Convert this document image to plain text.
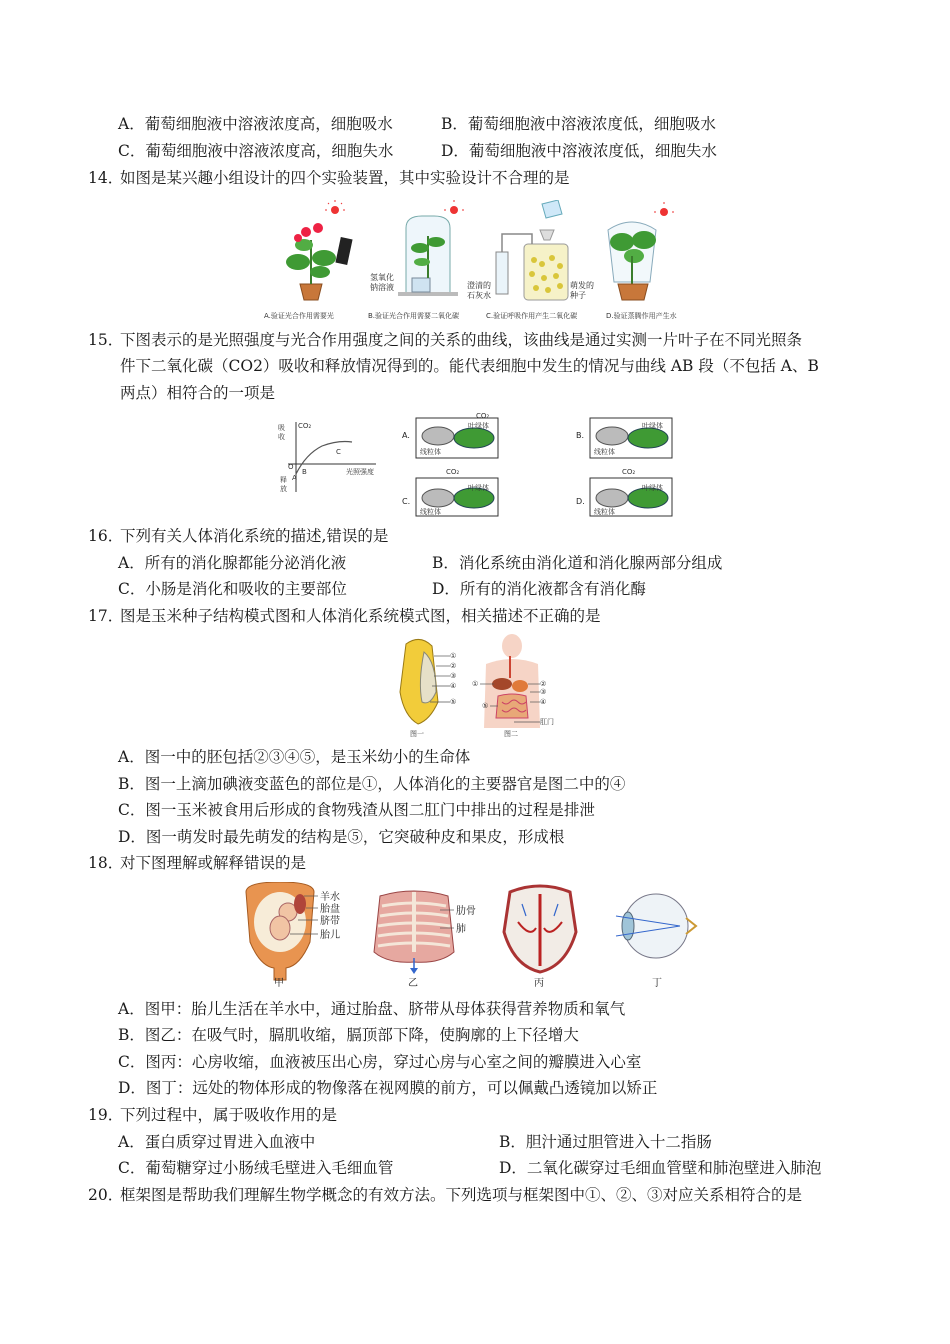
A．葡萄细胞液中溶液浓度高，细胞吸水	B．葡萄细胞液中溶液浓度低，细胞吸水
C．葡萄细胞液中溶液浓度高，细胞失水	D．葡萄细胞液中溶液浓度低，细胞失水
14．
如图是某兴趣小组设计的四个实验装置，其中实验设计不合理的是
氢氧化
钠溶液	澄清的
石灰水
萌发的
种子
A.验证光合作用需要光	B.验证光合作用需要二氧化碳	C.验证呼吸作用产生二氧化碳	D.验证蒸腾作用产生水
15．
下图表示的是光照强度与光合作用强度之间的关系的曲线，该曲线是通过实测一片叶子在不同光照条
件下二氧化碳（CO2）吸收和释放情况得到的。能代表细胞中发生的情况与曲线 AB 段（不包括 A、B
两点）相符合的一项是
吸
收
CO₂
释
放
O
A
B
C
光照强度
A.
叶绿体
线粒体
CO₂
B.
叶绿体
线粒体
C.
叶绿体
线粒体
CO₂
D.
叶绿体
线粒体
CO₂
16．
下列有关人体消化系统的描述,错误的是
A．所有的消化腺都能分泌消化液	B．消化系统由消化道和消化腺两部分组成
C．小肠是消化和吸收的主要部位	D．所有的消化液都含有消化酶
17．
图是玉米种子结构模式图和人体消化系统模式图，相关描述不正确的是
①
②
③
④
⑤
图一
①	②
③
④
⑤
肛门
图二
A．图一中的胚包括②③④⑤，是玉米幼小的生命体
B．图一上滴加碘液变蓝色的部位是①，人体消化的主要器官是图二中的④
C．图一玉米被食用后形成的食物残渣从图二肛门中排出的过程是排泄
D．图一萌发时最先萌发的结构是⑤，它突破种皮和果皮，形成根
18．
对下图理解或解释错误的是
羊水
胎盘
脐带
胎儿
甲
肋骨
肺
乙	丙	丁
A．图甲：胎儿生活在羊水中，通过胎盘、脐带从母体获得营养物质和氧气
B．图乙：在吸气时，膈肌收缩，膈顶部下降，使胸廓的上下径增大
C．图丙：心房收缩，血液被压出心房，穿过心房与心室之间的瓣膜进入心室
D．图丁：远处的物体形成的物像落在视网膜的前方，可以佩戴凸透镜加以矫正
19．
下列过程中，属于吸收作用的是
A．蛋白质穿过胃进入血液中	B．胆汁通过胆管进入十二指肠
C．葡萄糖穿过小肠绒毛壁进入毛细血管	D．二氧化碳穿过毛细血管壁和肺泡壁进入肺泡
20．
框架图是帮助我们理解生物学概念的有效方法。下列选项与框架图中①、②、③对应关系相符合的是
